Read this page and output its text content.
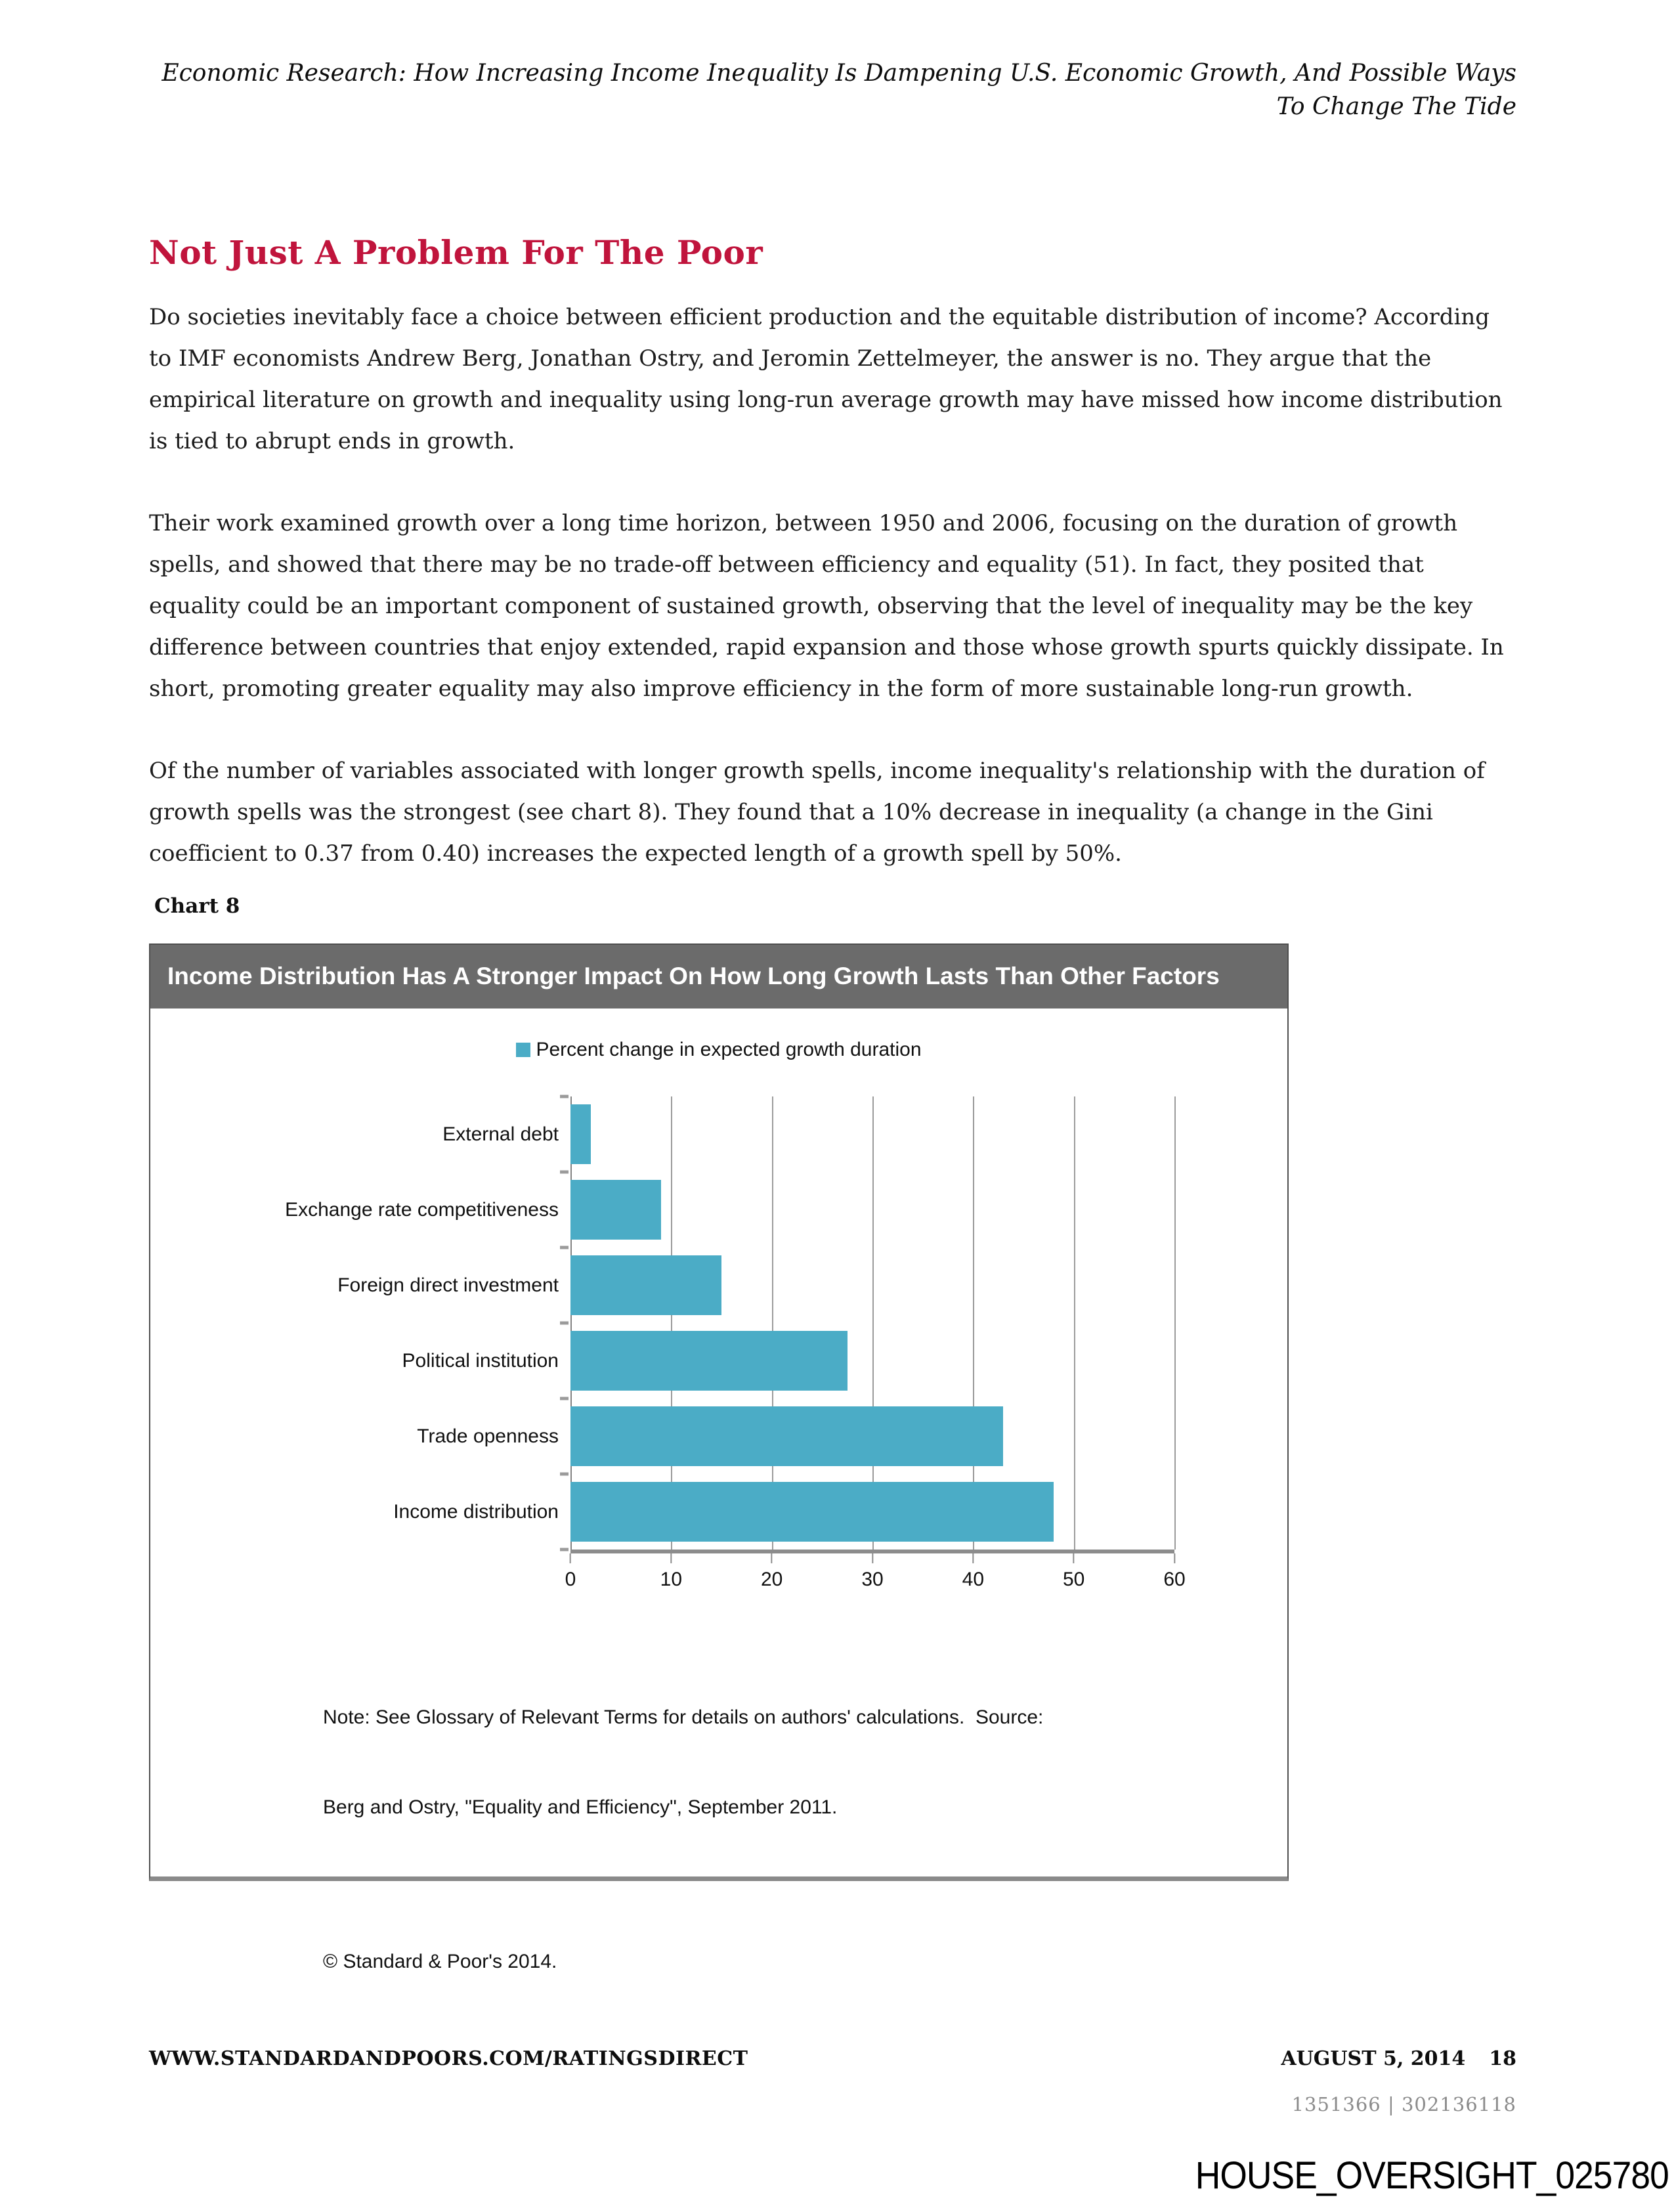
Economic Research: How Increasing Income Inequality Is Dampening U.S. Economic Growth, And Possible Ways
To Change The Tide
Not Just A Problem For The Poor

Do societies inevitably face a choice between efficient production and the equitable distribution of income? According to IMF economists Andrew Berg, Jonathan Ostry, and Jeromin Zettelmeyer, the answer is no. They argue that the empirical literature on growth and inequality using long-run average growth may have missed how income distribution is tied to abrupt ends in growth.

Their work examined growth over a long time horizon, between 1950 and 2006, focusing on the duration of growth spells, and showed that there may be no trade-off between efficiency and equality (51). In fact, they posited that equality could be an important component of sustained growth, observing that the level of inequality may be the key difference between countries that enjoy extended, rapid expansion and those whose growth spurts quickly dissipate. In short, promoting greater equality may also improve efficiency in the form of more sustainable long-run growth.

Of the number of variables associated with longer growth spells, income inequality's relationship with the duration of growth spells was the strongest (see chart 8). They found that a 10% decrease in inequality (a change in the Gini coefficient to 0.37 from 0.40) increases the expected length of a growth spell by 50%.

Chart 8
Income Distribution Has A Stronger Impact On How Long Growth Lasts Than Other Factors
Percent change in expected growth duration
External debt
Exchange rate competitiveness
Foreign direct investment
Political institution
Trade openness
Income distribution
0	10	20	30	40	50	60

Note: See Glossary of Relevant Terms for details on authors' calculations.  Source:

Berg and Ostry, "Equality and Efficiency", September 2011.

© Standard & Poor's 2014.
WWW.STANDARDANDPOORS.COM/RATINGSDIRECT	AUGUST 5, 2014 18
1351366 | 302136118
HOUSE_OVERSIGHT_025780
